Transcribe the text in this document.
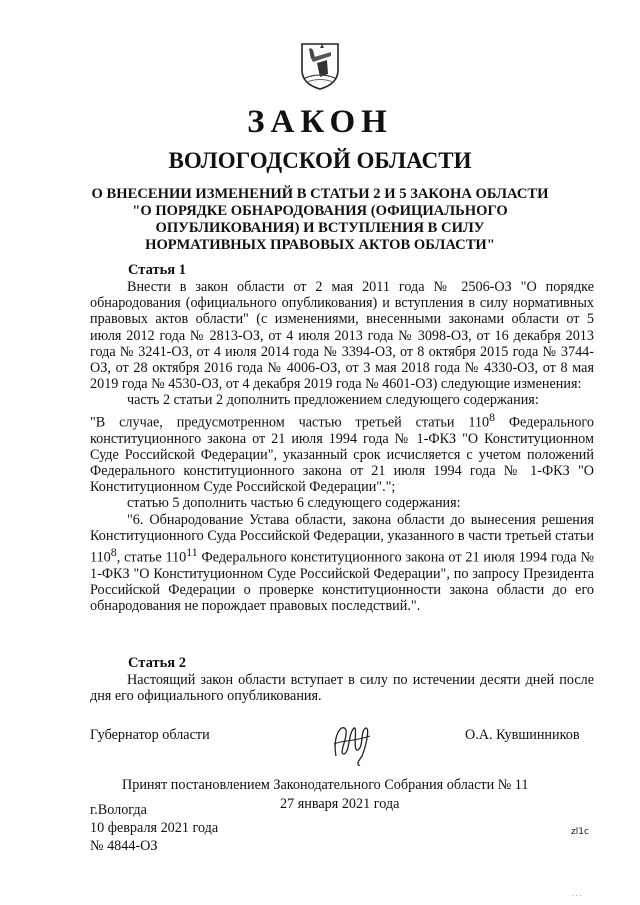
ЗАКОН
ВОЛОГОДСКОЙ ОБЛАСТИ
О ВНЕСЕНИИ ИЗМЕНЕНИЙ В СТАТЬИ 2 И 5 ЗАКОНА ОБЛАСТИ
"О ПОРЯДКЕ ОБНАРОДОВАНИЯ (ОФИЦИАЛЬНОГО
ОПУБЛИКОВАНИЯ) И ВСТУПЛЕНИЯ В СИЛУ
НОРМАТИВНЫХ ПРАВОВЫХ АКТОВ ОБЛАСТИ"
Статья 1
Внести в закон области от 2 мая 2011 года № 2506-ОЗ "О порядке обнародования (официального опубликования) и вступления в силу нормативных правовых актов области" (с изменениями, внесенными законами области от 5 июля 2012 года № 2813-ОЗ, от 4 июля 2013 года № 3098-ОЗ, от 16 декабря 2013 года № 3241-ОЗ, от 4 июля 2014 года № 3394-ОЗ, от 8 октября 2015 года № 3744-ОЗ, от 28 октября 2016 года № 4006-ОЗ, от 3 мая 2018 года № 4330-ОЗ, от 8 мая 2019 года № 4530-ОЗ, от 4 декабря 2019 года № 4601-ОЗ) следующие изменения:
часть 2 статьи 2 дополнить предложением следующего содержания:
"В случае, предусмотренном частью третьей статьи $110^8$ Федерального конституционного закона от 21 июля 1994 года № 1-ФКЗ "О Конституционном Суде Российской Федерации", указанный срок исчисляется с учетом положений Федерального конституционного закона от 21 июля 1994 года № 1-ФКЗ "О Конституционном Суде Российской Федерации".";
статью 5 дополнить частью 6 следующего содержания:
"6. Обнародование Устава области, закона области до вынесения решения Конституционного Суда Российской Федерации, указанного в части третьей статьи $110^8$, статье $110^{11}$ Федерального конституционного закона от 21 июля 1994 года № 1-ФКЗ "О Конституционном Суде Российской Федерации", по запросу Президента Российской Федерации о проверке конституционности закона области до его обнародования не порождает правовых последствий.".
Статья 2
Настоящий закон области вступает в силу по истечении десяти дней после дня его официального опубликования.
Губернатор области	О.А. Кувшинников
Принят постановлением Законодательного Собрания области № 11
27 января 2021 года
г.Вологда
10 февраля 2021 года
№ 4844-ОЗ
zl1c
· · ·
